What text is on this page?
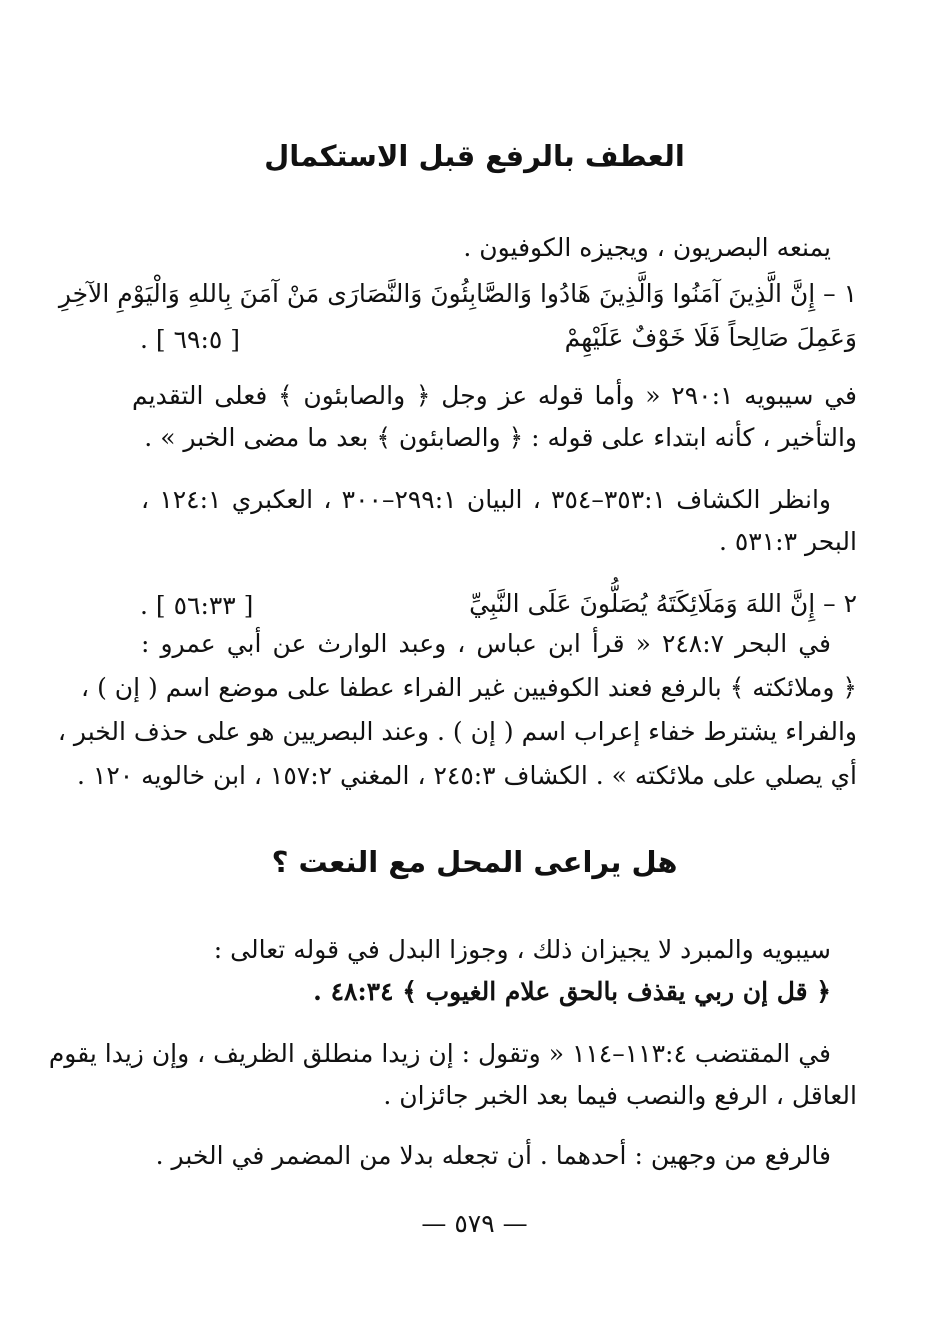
العطف بالرفع قبل الاستكمال
يمنعه البصريون ، ويجيزه الكوفيون .
١ – إِنَّ الَّذِينَ آمَنُوا وَالَّذِينَ هَادُوا وَالصَّابِئُونَ وَالنَّصَارَى مَنْ آمَنَ بِاللهِ وَالْيَوْمِ الآخِرِ
وَعَمِلَ صَالِحاً فَلَا خَوْفٌ عَلَيْهِمْ
[ ٦٩:٥ ] .
في سيبويه ٢٩٠:١ « وأما قوله عز وجل ﴿ والصابئون ﴾ فعلى التقديم
والتأخير ، كأنه ابتداء على قوله : ﴿ والصابئون ﴾ بعد ما مضى الخبر » .
وانظر الكشاف ٣٥٣:١–٣٥٤ ، البيان ٢٩٩:١–٣٠٠ ، العكبري ١٢٤:١ ،
البحر ٥٣١:٣ .
٢ – إِنَّ اللهَ وَمَلَائِكَتَهُ يُصَلُّونَ عَلَى النَّبِيِّ
[ ٥٦:٣٣ ] .
في البحر ٢٤٨:٧ « قرأ ابن عباس ، وعبد الوارث عن أبي عمرو :
﴿ وملائكته ﴾ بالرفع فعند الكوفيين غير الفراء عطفا على موضع اسم ( إن ) ،
والفراء يشترط خفاء إعراب اسم ( إن ) . وعند البصريين هو على حذف الخبر ،
أي يصلي على ملائكته » . الكشاف ٢٤٥:٣ ، المغني ١٥٧:٢ ، ابن خالويه ١٢٠ .
هل يراعى المحل مع النعت ؟
سيبويه والمبرد لا يجيزان ذلك ، وجوزا البدل في قوله تعالى :
﴿ قل إن ربي يقذف بالحق علام الغيوب ﴾ ٤٨:٣٤ .
في المقتضب ١١٣:٤–١١٤ « وتقول : إن زيدا منطلق الظريف ، وإن زيدا يقوم
العاقل ، الرفع والنصب فيما بعد الخبر جائزان .
فالرفع من وجهين : أحدهما . أن تجعله بدلا من المضمر في الخبر .
— ٥٧٩ —
